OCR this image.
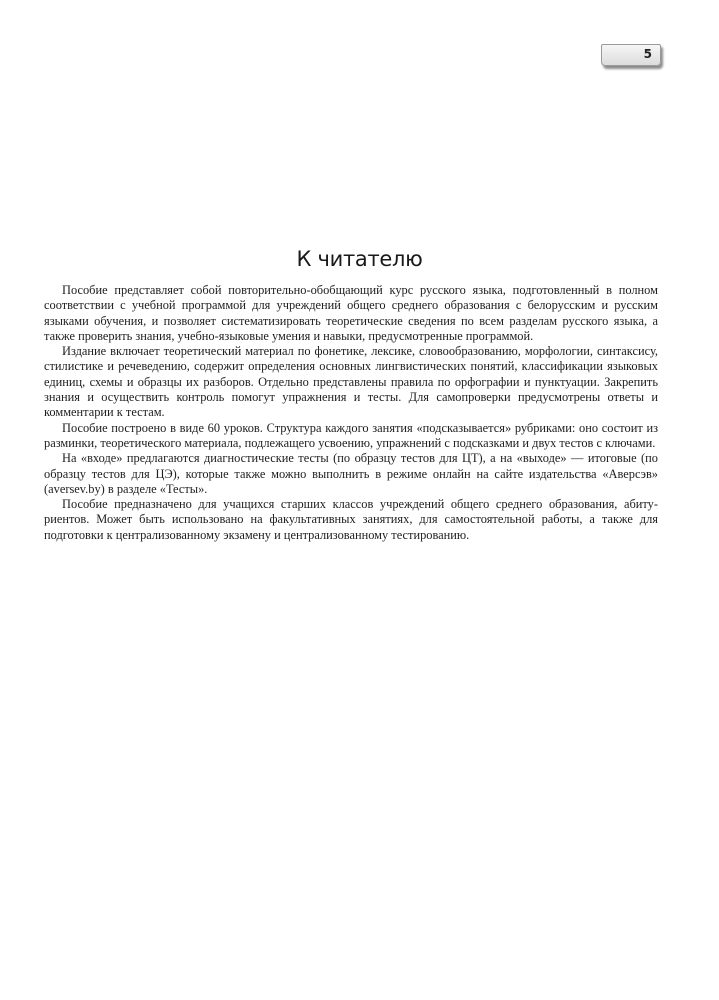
5
К читателю

Пособие представляет собой повторительно-обобщающий курс русского языка, подготовленный в полном соответствии с учебной программой для учреждений общего среднего образования с белорусским и русским языками обучения, и позволяет систематизировать теоретические сведения по всем разделам русского языка, а также проверить знания, учебно-языковые умения и навыки, предусмотренные программой.

Издание включает теоретический материал по фонетике, лексике, словообразованию, морфологии, синтаксису, стилистике и речеведению, содержит определения основных лингвистических понятий, классификации языковых единиц, схемы и образцы их разборов. Отдельно представлены правила по орфографии и пунктуации. Закрепить знания и осуществить контроль помогут упражнения и тесты. Для самопроверки предусмотрены ответы и комментарии к тестам.

Пособие построено в виде 60 уроков. Структура каждого занятия «подсказывается» рубриками: оно состоит из разминки, теоретического материала, подлежащего усвоению, упражнений с подсказками и двух тестов с ключами.

На «входе» предлагаются диагностические тесты (по образцу тестов для ЦТ), а на «выходе» — итоговые (по образцу тестов для ЦЭ), которые также можно выполнить в режиме онлайн на сайте издательства «Аверсэв» (aversev.by) в разделе «Тесты».

Пособие предназначено для учащихся старших классов учреждений общего среднего образования, абитуриентов. Может быть использовано на факультативных занятиях, для самостоятельной работы, а также для подготовки к централизованному экзамену и централизованному тестированию.
